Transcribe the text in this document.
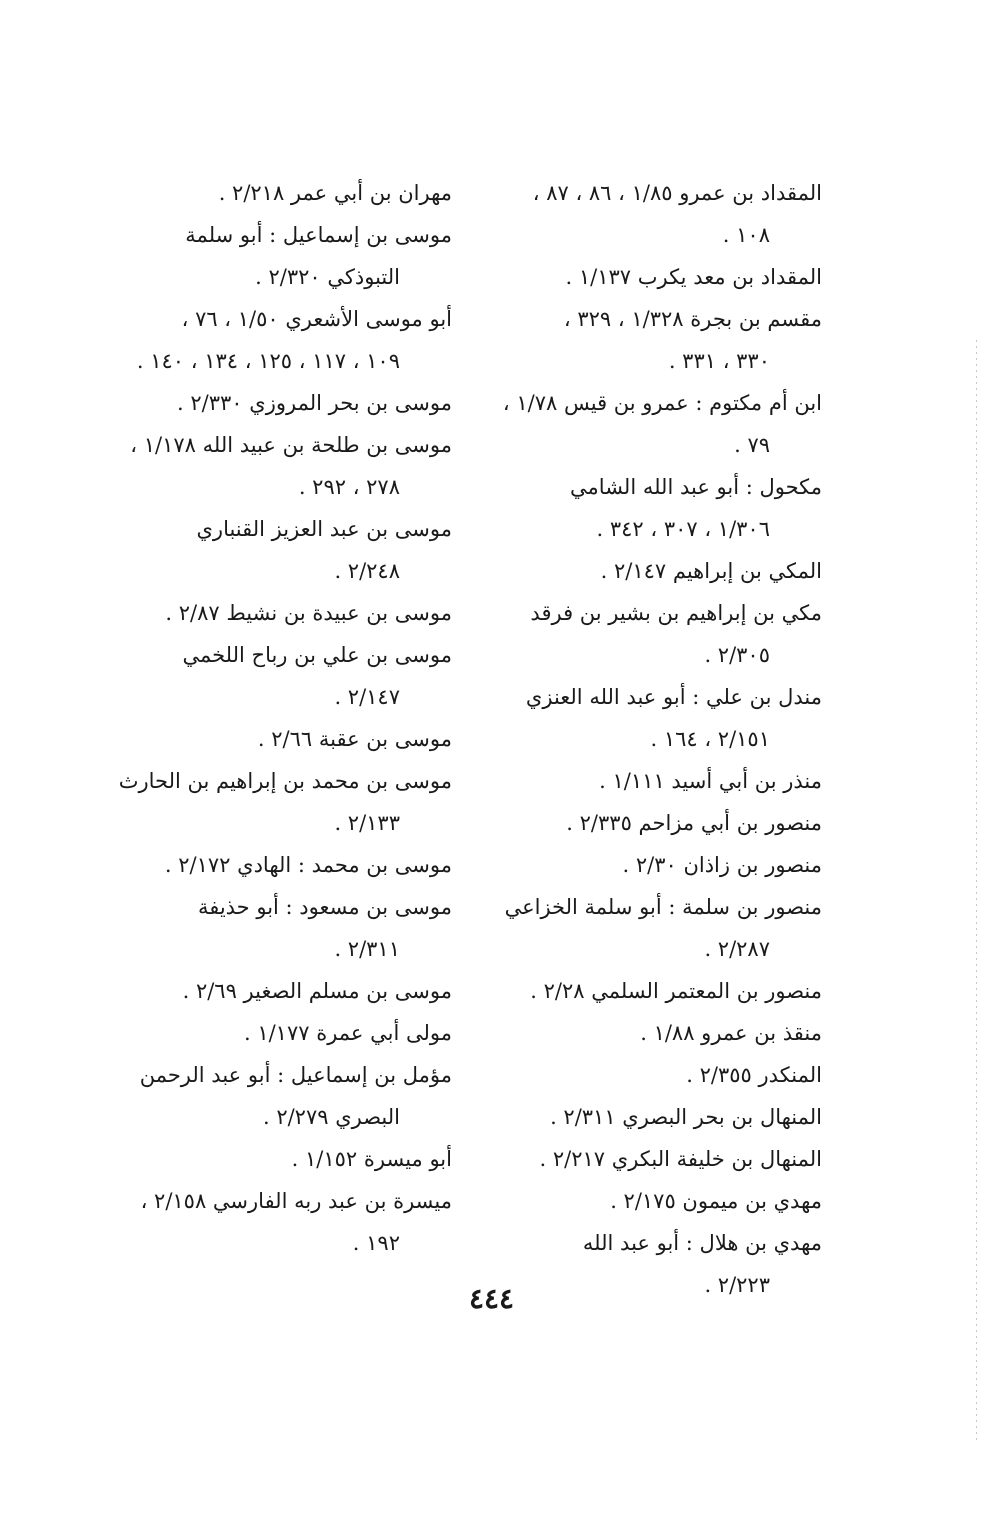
المقداد بن عمرو ١/٨٥ ، ٨٦ ، ٨٧ ،
١٠٨ .
المقداد بن معد يكرب ١/١٣٧ .
مقسم بن بجرة ١/٣٢٨ ، ٣٢٩ ،
٣٣٠ ، ٣٣١ .
ابن أم مكتوم : عمرو بن قيس ١/٧٨ ،
٧٩ .
مكحول : أبو عبد الله الشامي
١/٣٠٦ ، ٣٠٧ ، ٣٤٢ .
المكي بن إبراهيم ٢/١٤٧ .
مكي بن إبراهيم بن بشير بن فرقد
٢/٣٠٥ .
مندل بن علي : أبو عبد الله العنزي
٢/١٥١ ، ١٦٤ .
منذر بن أبي أسيد ١/١١١ .
منصور بن أبي مزاحم ٢/٣٣٥ .
منصور بن زاذان ٢/٣٠ .
منصور بن سلمة : أبو سلمة الخزاعي
٢/٢٨٧ .
منصور بن المعتمر السلمي ٢/٢٨ .
منقذ بن عمرو ١/٨٨ .
المنكدر ٢/٣٥٥ .
المنهال بن بحر البصري ٢/٣١١ .
المنهال بن خليفة البكري ٢/٢١٧ .
مهدي بن ميمون ٢/١٧٥ .
مهدي بن هلال : أبو عبد الله
٢/٢٢٣ .
مهران بن أبي عمر ٢/٢١٨ .
موسى بن إسماعيل : أبو سلمة
التبوذكي ٢/٣٢٠ .
أبو موسى الأشعري ١/٥٠ ، ٧٦ ،
١٠٩ ، ١١٧ ، ١٢٥ ، ١٣٤ ، ١٤٠ .
موسى بن بحر المروزي ٢/٣٣٠ .
موسى بن طلحة بن عبيد الله ١/١٧٨ ،
٢٧٨ ، ٢٩٢ .
موسى بن عبد العزيز القنباري
٢/٢٤٨ .
موسى بن عبيدة بن نشيط ٢/٨٧ .
موسى بن علي بن رباح اللخمي
٢/١٤٧ .
موسى بن عقبة ٢/٦٦ .
موسى بن محمد بن إبراهيم بن الحارث
٢/١٣٣ .
موسى بن محمد : الهادي ٢/١٧٢ .
موسى بن مسعود : أبو حذيفة
٢/٣١١ .
موسى بن مسلم الصغير ٢/٦٩ .
مولى أبي عمرة ١/١٧٧ .
مؤمل بن إسماعيل : أبو عبد الرحمن
البصري ٢/٢٧٩ .
أبو ميسرة ١/١٥٢ .
ميسرة بن عبد ربه الفارسي ٢/١٥٨ ،
١٩٢ .
٤٤٤
